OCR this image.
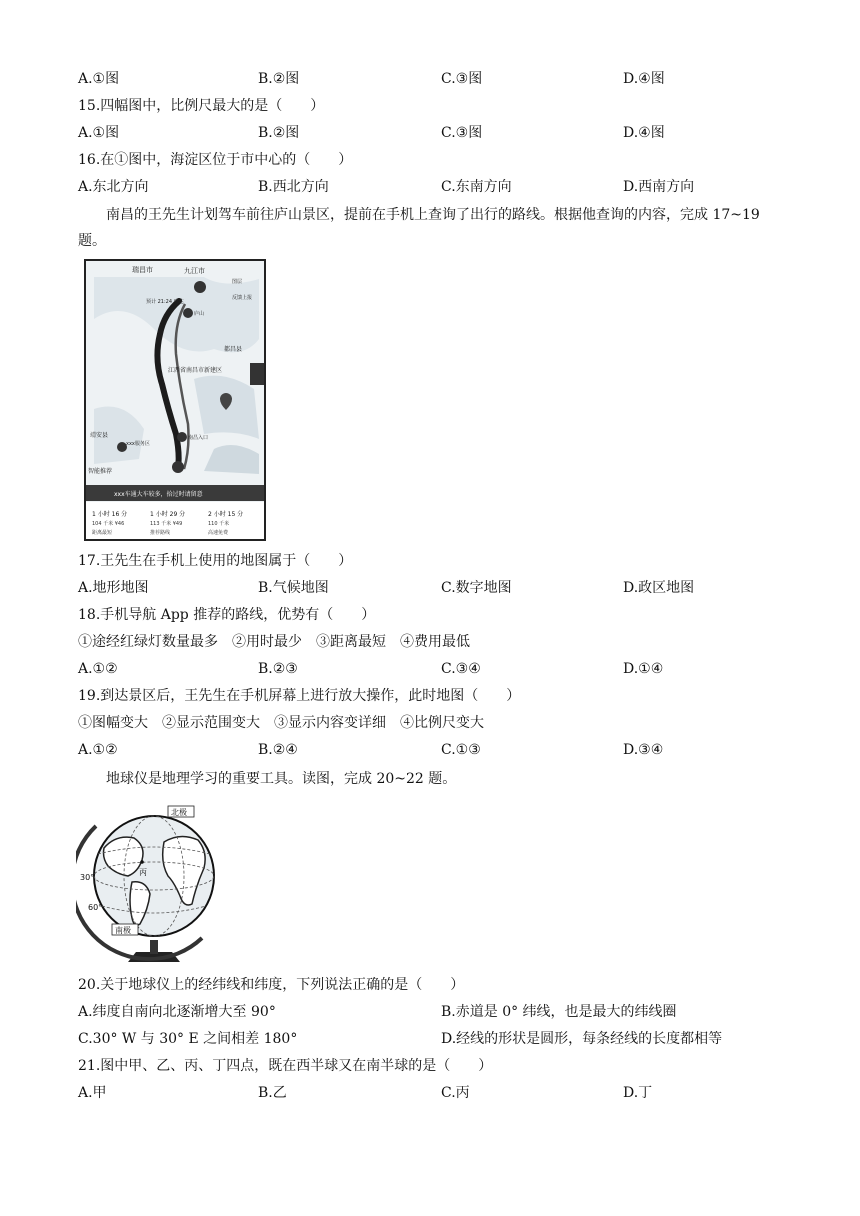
A.①图	B.②图	C.③图	D.④图
15.四幅图中，比例尺最大的是（　　）
A.①图	B.②图	C.③图	D.④图
16.在①图中，海淀区位于市中心的（　　）
A.东北方向	B.西北方向	C.东南方向	D.西南方向
南昌的王先生计划驾车前往庐山景区，提前在手机上查询了出行的路线。根据他查询的内容，完成 17~19 题。
瑞昌市	九江市
图层
反馈上报
预计 21:24 到达
庐山
都昌县
江西省南昌市新建区
南昌入口
xxx服务区
靖安县
智能推荐
xxx车通大车较多，拾过时请留意
1 小时 16 分
104 千米 ¥46
距离最短
1 小时 29 分
113 千米 ¥49
推荐路线
2 小时 15 分
110 千米
高速免费
17.王先生在手机上使用的地图属于（　　）
A.地形地图	B.气候地图	C.数字地图	D.政区地图
18.手机导航 App 推荐的路线，优势有（　　）
①途经红绿灯数量最多　②用时最少　③距离最短　④费用最低
A.①②	B.②③	C.③④	D.①④
19.到达景区后，王先生在手机屏幕上进行放大操作，此时地图（　　）
①图幅变大　②显示范围变大　③显示内容变详细　④比例尺变大
A.①②	B.②④	C.①③	D.③④
地球仪是地理学习的重要工具。读图，完成 20~22 题。
北极
南极
30°
60°
丙
20.关于地球仪上的经纬线和纬度，下列说法正确的是（　　）
A.纬度自南向北逐渐增大至 90°	B.赤道是 0° 纬线，也是最大的纬线圈
C.30° W 与 30° E 之间相差 180°	D.经线的形状是圆形，每条经线的长度都相等
21.图中甲、乙、丙、丁四点，既在西半球又在南半球的是（　　）
A.甲	B.乙	C.丙	D.丁
